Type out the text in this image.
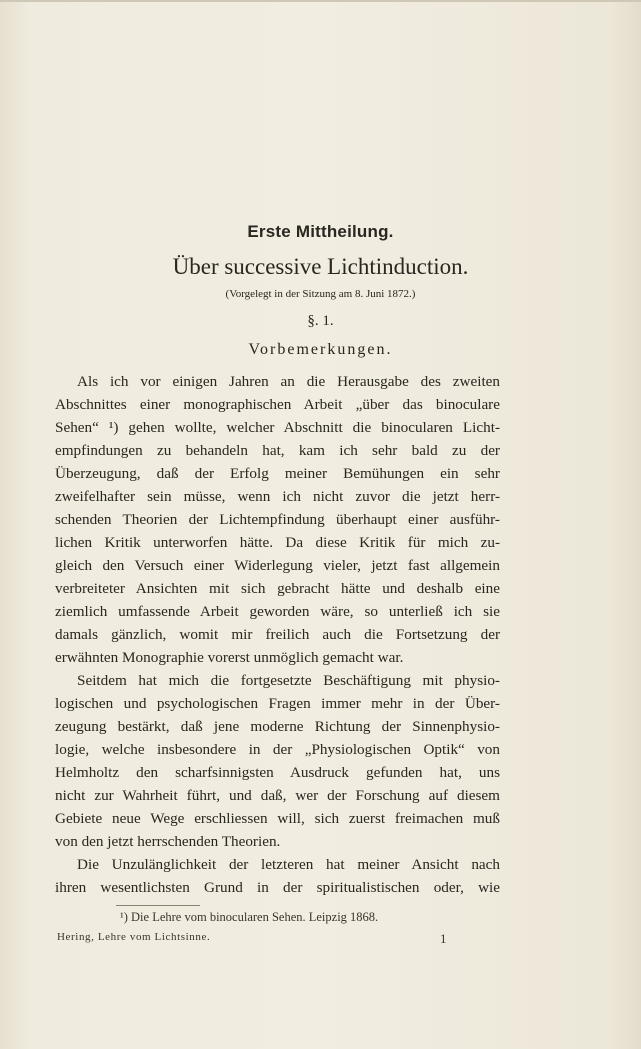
Erste Mittheilung.
Über successive Lichtinduction.
(Vorgelegt in der Sitzung am 8. Juni 1872.)
§. 1.
Vorbemerkungen.
Als ich vor einigen Jahren an die Herausgabe des zweiten
Abschnittes einer monographischen Arbeit „über das binoculare
Sehen“ ¹) gehen wollte, welcher Abschnitt die binocularen Licht-
empfindungen zu behandeln hat, kam ich sehr bald zu der
Überzeugung, daß der Erfolg meiner Bemühungen ein sehr
zweifelhafter sein müsse, wenn ich nicht zuvor die jetzt herr-
schenden Theorien der Lichtempfindung überhaupt einer ausführ-
lichen Kritik unterworfen hätte. Da diese Kritik für mich zu-
gleich den Versuch einer Widerlegung vieler, jetzt fast allgemein
verbreiteter Ansichten mit sich gebracht hätte und deshalb eine
ziemlich umfassende Arbeit geworden wäre, so unterließ ich sie
damals gänzlich, womit mir freilich auch die Fortsetzung der
erwähnten Monographie vorerst unmöglich gemacht war.
Seitdem hat mich die fortgesetzte Beschäftigung mit physio-
logischen und psychologischen Fragen immer mehr in der Über-
zeugung bestärkt, daß jene moderne Richtung der Sinnenphysio-
logie, welche insbesondere in der „Physiologischen Optik“ von
Helmholtz den scharfsinnigsten Ausdruck gefunden hat, uns
nicht zur Wahrheit führt, und daß, wer der Forschung auf diesem
Gebiete neue Wege erschliessen will, sich zuerst freimachen muß
von den jetzt herrschenden Theorien.
Die Unzulänglichkeit der letzteren hat meiner Ansicht nach
ihren wesentlichsten Grund in der spiritualistischen oder, wie
¹) Die Lehre vom binocularen Sehen. Leipzig 1868.
Hering, Lehre vom Lichtsinne.	1
